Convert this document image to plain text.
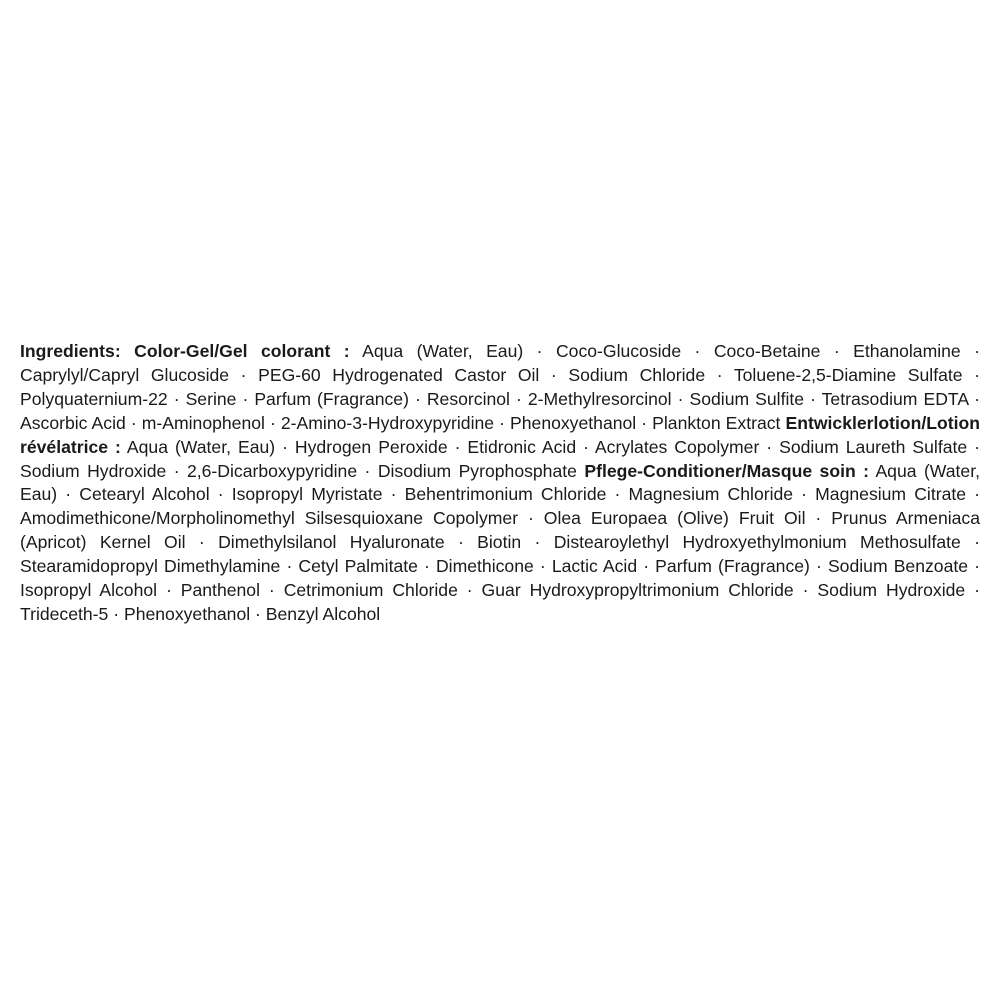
Ingredients: Color-Gel/Gel colorant : Aqua (Water, Eau) · Coco-Glucoside · Coco-Betaine · Ethanolamine · Caprylyl/Capryl Glucoside · PEG-60 Hydrogenated Castor Oil · Sodium Chloride · Toluene-2,5-Diamine Sulfate · Polyquaternium-22 · Serine · Parfum (Fragrance) · Resorcinol · 2-Methylresorcinol · Sodium Sulfite · Tetrasodium EDTA · Ascorbic Acid · m-Aminophenol · 2-Amino-3-Hydroxypyridine · Phenoxyethanol · Plankton Extract Entwicklerlotion/Lotion révélatrice : Aqua (Water, Eau) · Hydrogen Peroxide · Etidronic Acid · Acrylates Copolymer · Sodium Laureth Sulfate · Sodium Hydroxide · 2,6-Dicarboxypyridine · Disodium Pyrophosphate Pflege-Conditioner/Masque soin : Aqua (Water, Eau) · Cetearyl Alcohol · Isopropyl Myristate · Behentrimonium Chloride · Magnesium Chloride · Magnesium Citrate · Amodimethicone/Morpholinomethyl Silsesquioxane Copolymer · Olea Europaea (Olive) Fruit Oil · Prunus Armeniaca (Apricot) Kernel Oil · Dimethylsilanol Hyaluronate · Biotin · Distearoylethyl Hydroxyethylmonium Methosulfate · Stearamidopropyl Dimethylamine · Cetyl Palmitate · Dimethicone · Lactic Acid · Parfum (Fragrance) · Sodium Benzoate · Isopropyl Alcohol · Panthenol · Cetrimonium Chloride · Guar Hydroxypropyltrimonium Chloride · Sodium Hydroxide · Trideceth-5 · Phenoxyethanol · Benzyl Alcohol
